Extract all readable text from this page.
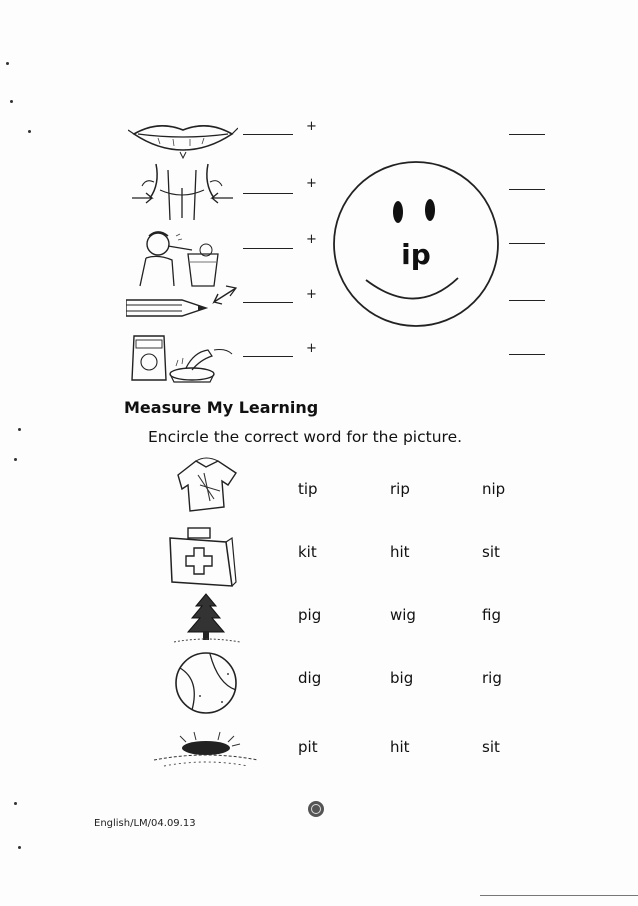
+
+
+
+
+
ip
Measure My Learning
Encircle the correct word for the picture.
tip	rip	nip
kit	hit	sit
pig	wig	fig
dig	big	rig
pit	hit	sit
English/LM/04.09.13
